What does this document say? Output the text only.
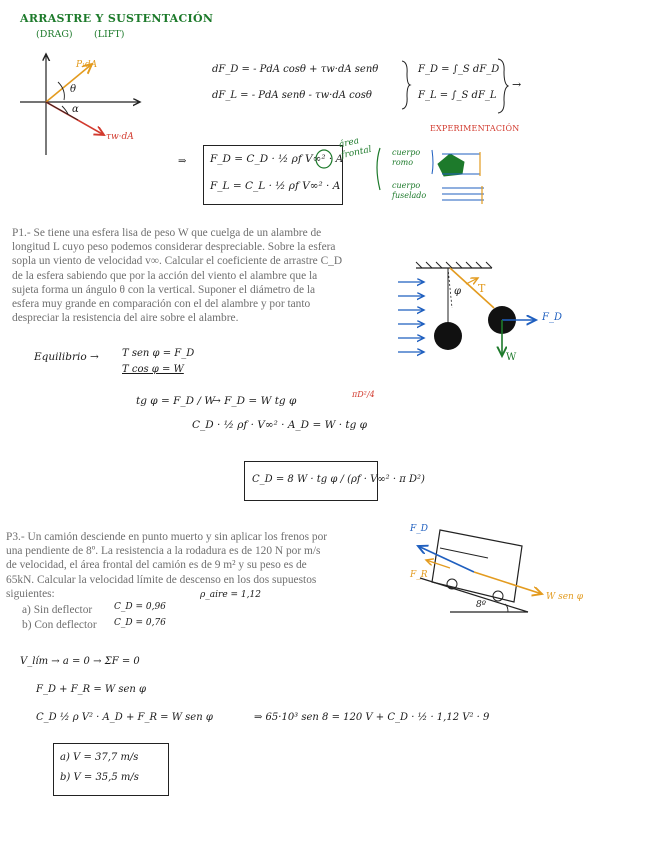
ARRASTRE Y SUSTENTACIÓN
(DRAG) (LIFT)
P·dA
θ
α
τw·dA
dF_D = - PdA cosθ + τw·dA senθ
dF_L = - PdA senθ - τw·dA cosθ
F_D = ∫_S dF_D
F_L = ∫_S dF_L
→
EXPERIMENTACIÓN
⇒ F_D = C_D · ½ ρf V∞² · A
F_L = C_L · ½ ρf V∞² · A
área frontal	cuerpo romo
cuerpo fuselado
P1.- Se tiene una esfera lisa de peso W que cuelga de un alambre de
longitud L cuyo peso podemos considerar despreciable. Sobre la esfera
sopla un viento de velocidad v∞. Calcular el coeficiente de arrastre C_D
de la esfera sabiendo que por la acción del viento el alambre que la
sujeta forma un ángulo θ con la vertical. Suponer el diámetro de la
esfera muy grande en comparación con el del alambre y por tanto
despreciar la resistencia del aire sobre el alambre.
φ T
F_D
W
Equilibrio → T sen φ = F_D
T cos φ = W
tg φ = F_D / W
→ F_D = W tg φ
πD²/4
C_D · ½ ρf · V∞² · A_D = W · tg φ
C_D = 8 W · tg φ / (ρf · V∞² · π D²)
P3.- Un camión desciende en punto muerto y sin aplicar los frenos por
una pendiente de 8º. La resistencia a la rodadura es de 120 N por m/s
de velocidad, el área frontal del camión es de 9 m² y su peso es de
65kN. Calcular la velocidad límite de descenso en los dos supuestos
siguientes:
a) Sin deflector
b) Con deflector
C_D = 0,96
C_D = 0,76
ρ_aire = 1,12
F_D
F_R
W sen φ
8º
V_lím → a = 0 → ΣF = 0
F_D + F_R = W sen φ
C_D ½ ρ V² · A_D + F_R = W sen φ	⇒ 65·10³ sen 8 = 120 V + C_D · ½ · 1,12 V² · 9
a) V = 37,7 m/s
b) V = 35,5 m/s
